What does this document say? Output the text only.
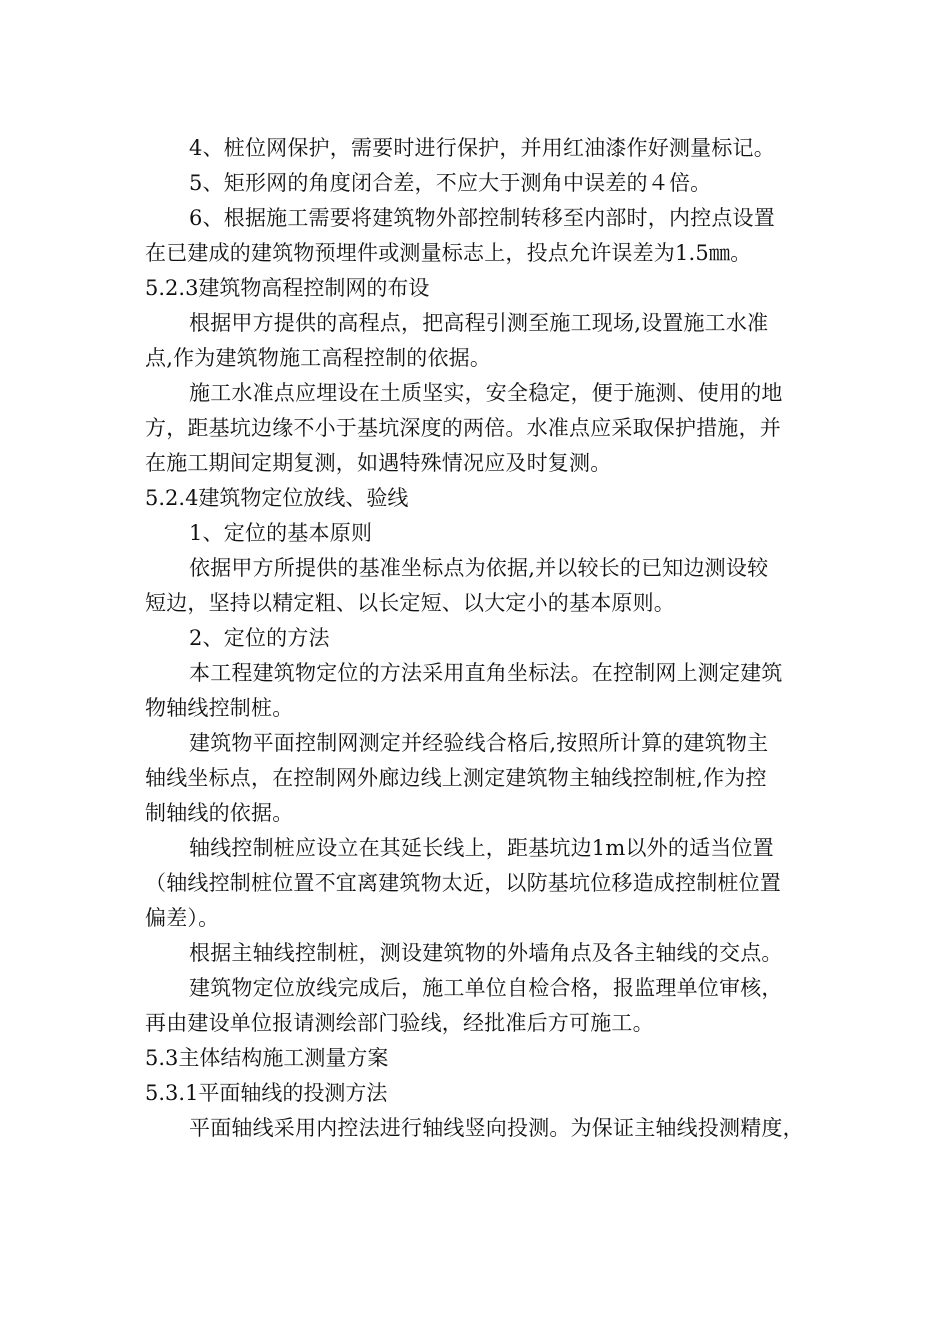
4、桩位网保护，需要时进行保护，并用红油漆作好测量标记。

5、矩形网的角度闭合差，不应大于测角中误差的４倍。

6、根据施工需要将建筑物外部控制转移至内部时，内控点设置
在已建成的建筑物预埋件或测量标志上，投点允许误差为1.5㎜。

5.2.3建筑物高程控制网的布设

根据甲方提供的高程点，把高程引测至施工现场,设置施工水准
点,作为建筑物施工高程控制的依据。

施工水准点应埋设在土质坚实，安全稳定，便于施测、使用的地
方，距基坑边缘不小于基坑深度的两倍。水准点应采取保护措施，并
在施工期间定期复测，如遇特殊情况应及时复测。

5.2.4建筑物定位放线、验线

1、定位的基本原则

依据甲方所提供的基准坐标点为依据,并以较长的已知边测设较
短边，坚持以精定粗、以长定短、以大定小的基本原则。

2、定位的方法

本工程建筑物定位的方法采用直角坐标法。在控制网上测定建筑
物轴线控制桩。

建筑物平面控制网测定并经验线合格后,按照所计算的建筑物主
轴线坐标点，在控制网外廊边线上测定建筑物主轴线控制桩,作为控
制轴线的依据。

轴线控制桩应设立在其延长线上，距基坑边1m以外的适当位置
（轴线控制桩位置不宜离建筑物太近，以防基坑位移造成控制桩位置
偏差）。

根据主轴线控制桩，测设建筑物的外墙角点及各主轴线的交点。

建筑物定位放线完成后，施工单位自检合格，报监理单位审核，
再由建设单位报请测绘部门验线，经批准后方可施工。

5.3主体结构施工测量方案

5.3.1平面轴线的投测方法

平面轴线采用内控法进行轴线竖向投测。为保证主轴线投测精度，
